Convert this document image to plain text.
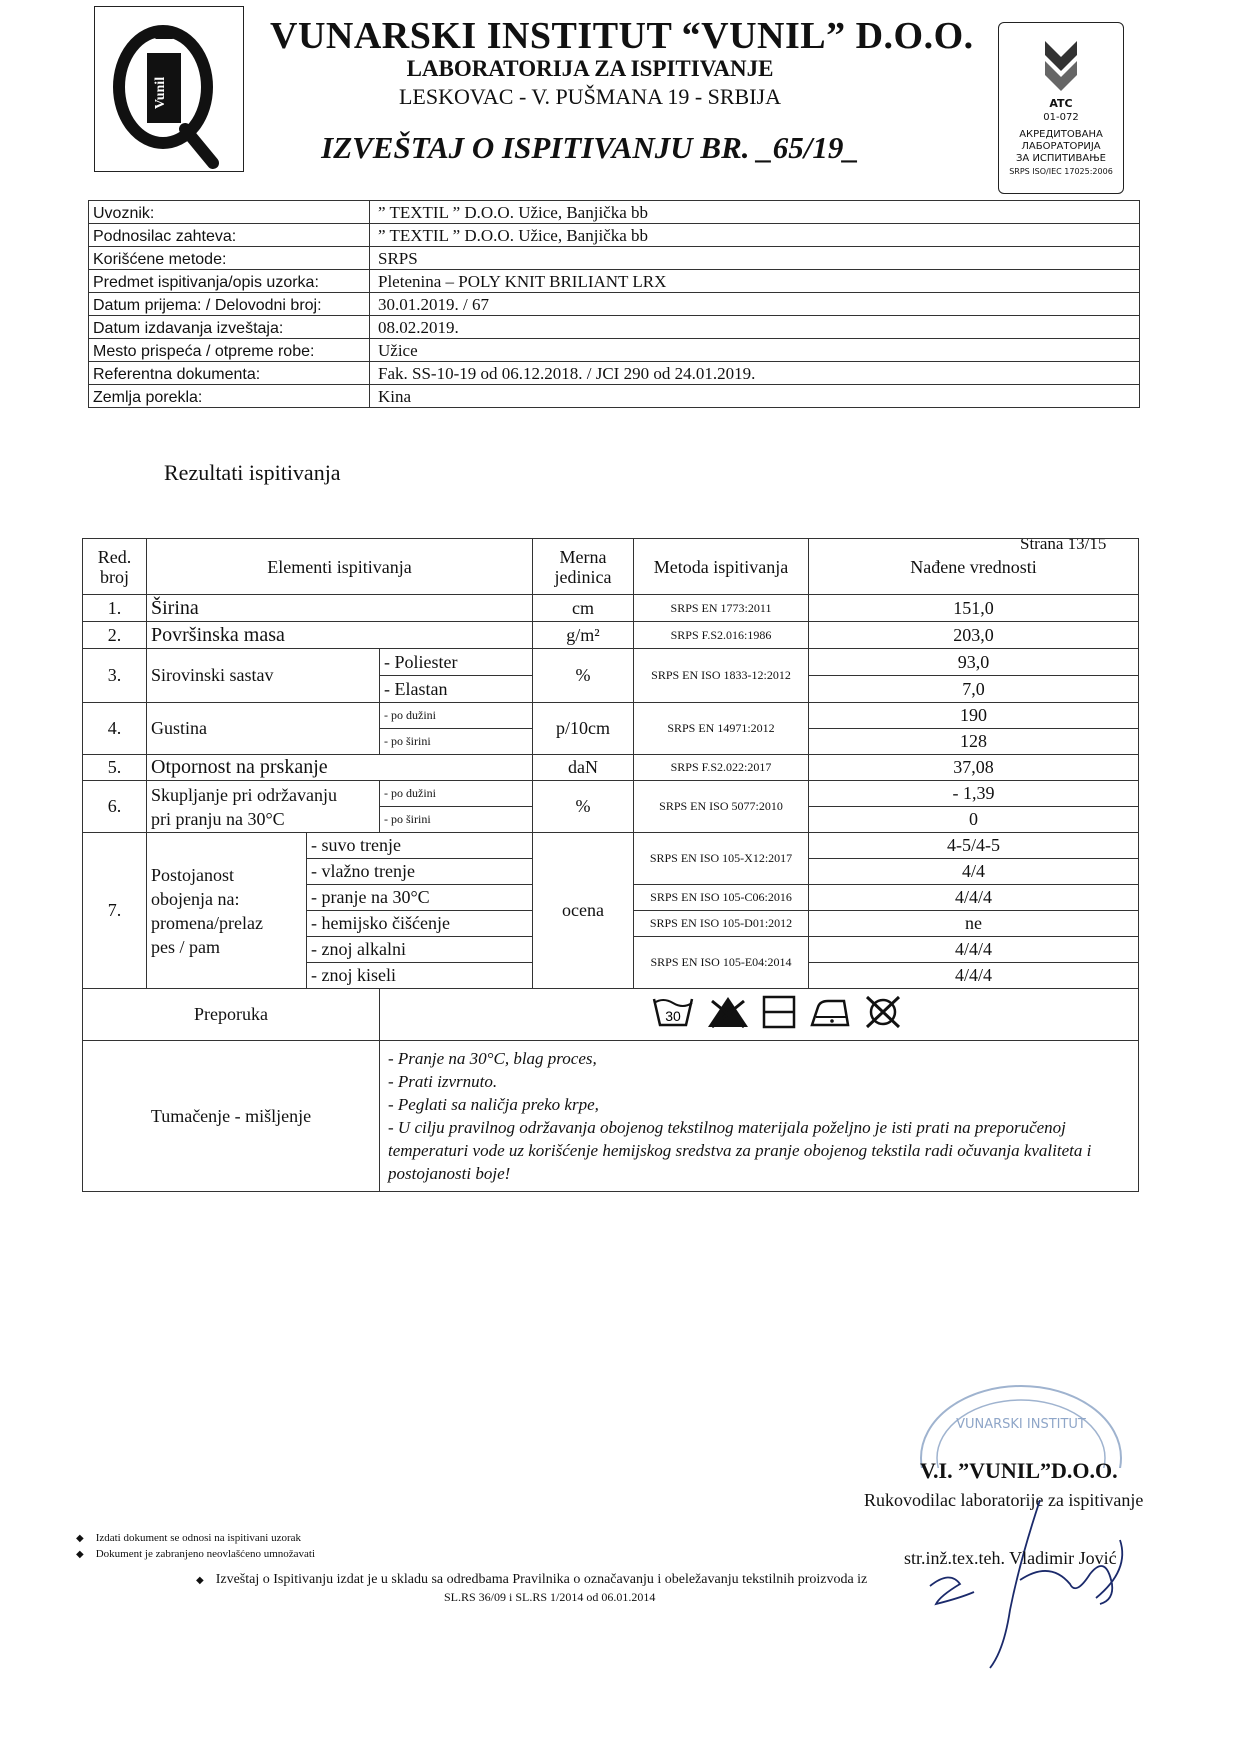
Vunil
VUNARSKI INSTITUT “VUNIL” D.O.O.
LABORATORIJA ZA ISPITIVANJE
LESKOVAC - V. PUŠMANA 19 - SRBIJA
IZVEŠTAJ O ISPITIVANJU BR. _65/19_
ATC
01-072
АКРЕДИТОВАНА
ЛАБОРАТОРИЈА
ЗА ИСПИТИВАЊЕ
SRPS ISO/IEC 17025:2006
Uvoznik:	” TEXTIL ” D.O.O. Užice, Banjička bb
Podnosilac zahteva:	” TEXTIL ” D.O.O. Užice, Banjička bb
Korišćene metode:	SRPS
Predmet ispitivanja/opis uzorka:	Pletenina – POLY KNIT BRILIANT LRX
Datum prijema: / Delovodni broj:	30.01.2019. / 67
Datum izdavanja izveštaja:	08.02.2019.
Mesto prispeća / otpreme robe:	Užice
Referentna dokumenta:	Fak. SS-10-19 od 06.12.2018. / JCI 290 od 24.01.2019.
Zemlja porekla:	Kina
Rezultati ispitivanja
Strana 13/15
Red. broj	Elementi ispitivanja			Merna jedinica	Metoda ispitivanja	Nađene vrednosti
1.	Širina			cm	SRPS EN 1773:2011	151,0
2.	Površinska masa			g/m²	SRPS F.S2.016:1986	203,0
3.	Sirovinski sastav		- Poliester	%	SRPS EN ISO 1833-12:2012	93,0
			- Elastan			7,0
4.	Gustina		- po dužini	p/10cm	SRPS EN 14971:2012	190
			- po širini			128
5.	Otpornost na prskanje			daN	SRPS F.S2.022:2017	37,08
6.	Skupljanje pri održavanju
pri pranju na 30°C		- po dužini	%	SRPS EN ISO 5077:2010	- 1,39
			- po širini			0
7.	Postojanost
obojenja na:
promena/prelaz
pes / pam	- suvo trenje		ocena	SRPS EN ISO 105-X12:2017	4-5/4-5
		- vlažno trenje				4/4
		- pranje na 30°C			SRPS EN ISO 105-C06:2016	4/4/4
		- hemijsko čišćenje			SRPS EN ISO 105-D01:2012	ne
		- znoj alkalni			SRPS EN ISO 105-E04:2014	4/4/4
		- znoj kiseli				4/4/4
Preporuka			30			

Tumačenje - mišljenje			- Pranje na 30°C, blag proces,
- Prati izvrnuto.
- Peglati sa naličja preko krpe,
- U cilju pravilnog održavanja obojenog tekstilnog materijala poželjno je isti prati na preporučenoj temperaturi vode uz korišćenje hemijskog sredstva za pranje obojenog tekstila radi očuvanja kvaliteta i postojanosti boje!			
VUNARSKI INSTITUT
V.I. ”VUNIL”D.O.O.
Rukovodilac laboratorije za ispitivanje
str.inž.tex.teh. Vladimir Jović
◆ Izdati dokument se odnosi na ispitivani uzorak
◆ Dokument je zabranjeno neovlašćeno umnožavati
◆ Izveštaj o Ispitivanju izdat je u skladu sa odredbama Pravilnika o označavanju i obeležavanju tekstilnih proizvoda iz
SL.RS 36/09 i SL.RS 1/2014 od 06.01.2014
